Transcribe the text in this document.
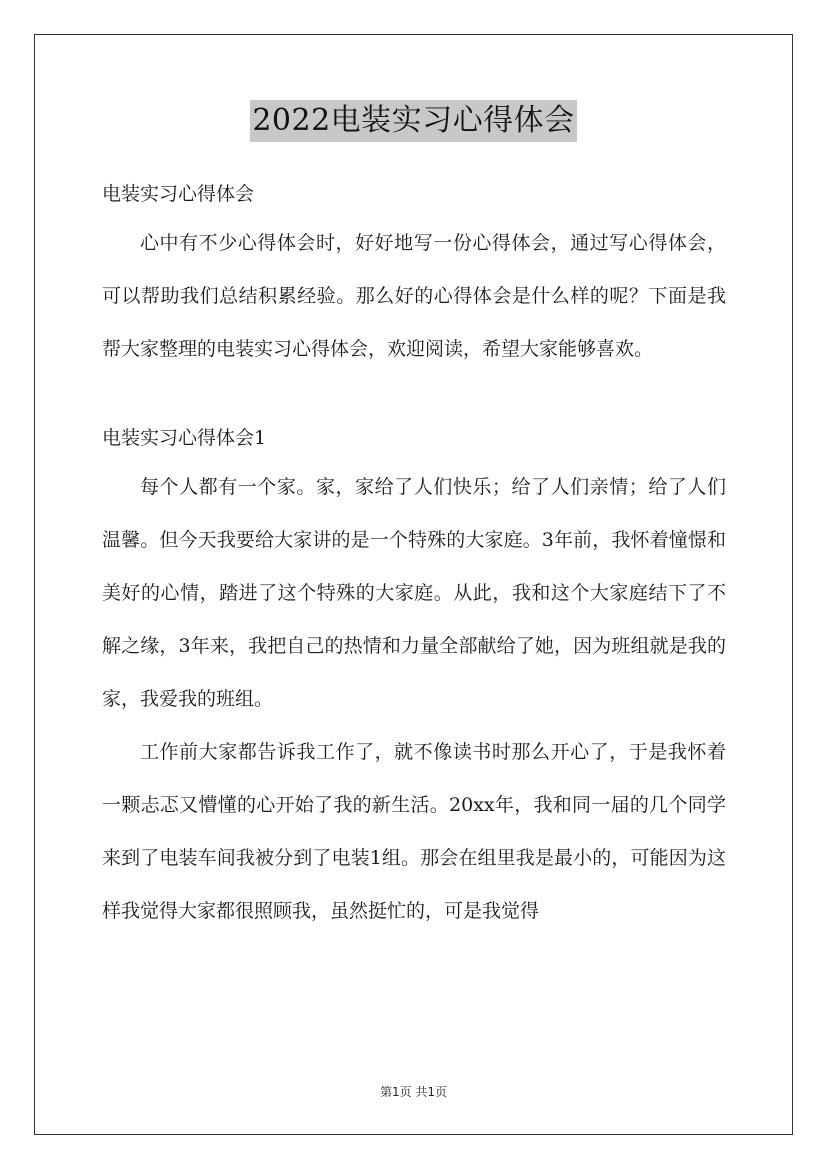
2022电装实习心得体会
电装实习心得体会
心中有不少心得体会时，好好地写一份心得体会，通过写心得体会，可以帮助我们总结积累经验。那么好的心得体会是什么样的呢？下面是我帮大家整理的电装实习心得体会，欢迎阅读，希望大家能够喜欢。
电装实习心得体会1
每个人都有一个家。家，家给了人们快乐；给了人们亲情；给了人们温馨。但今天我要给大家讲的是一个特殊的大家庭。3年前，我怀着憧憬和美好的心情，踏进了这个特殊的大家庭。从此，我和这个大家庭结下了不解之缘，3年来，我把自己的热情和力量全部献给了她，因为班组就是我的家，我爱我的班组。
工作前大家都告诉我工作了，就不像读书时那么开心了，于是我怀着一颗忐忑又懵懂的心开始了我的新生活。20xx年，我和同一届的几个同学来到了电装车间我被分到了电装1组。那会在组里我是最小的，可能因为这样我觉得大家都很照顾我，虽然挺忙的，可是我觉得
第1页 共1页
